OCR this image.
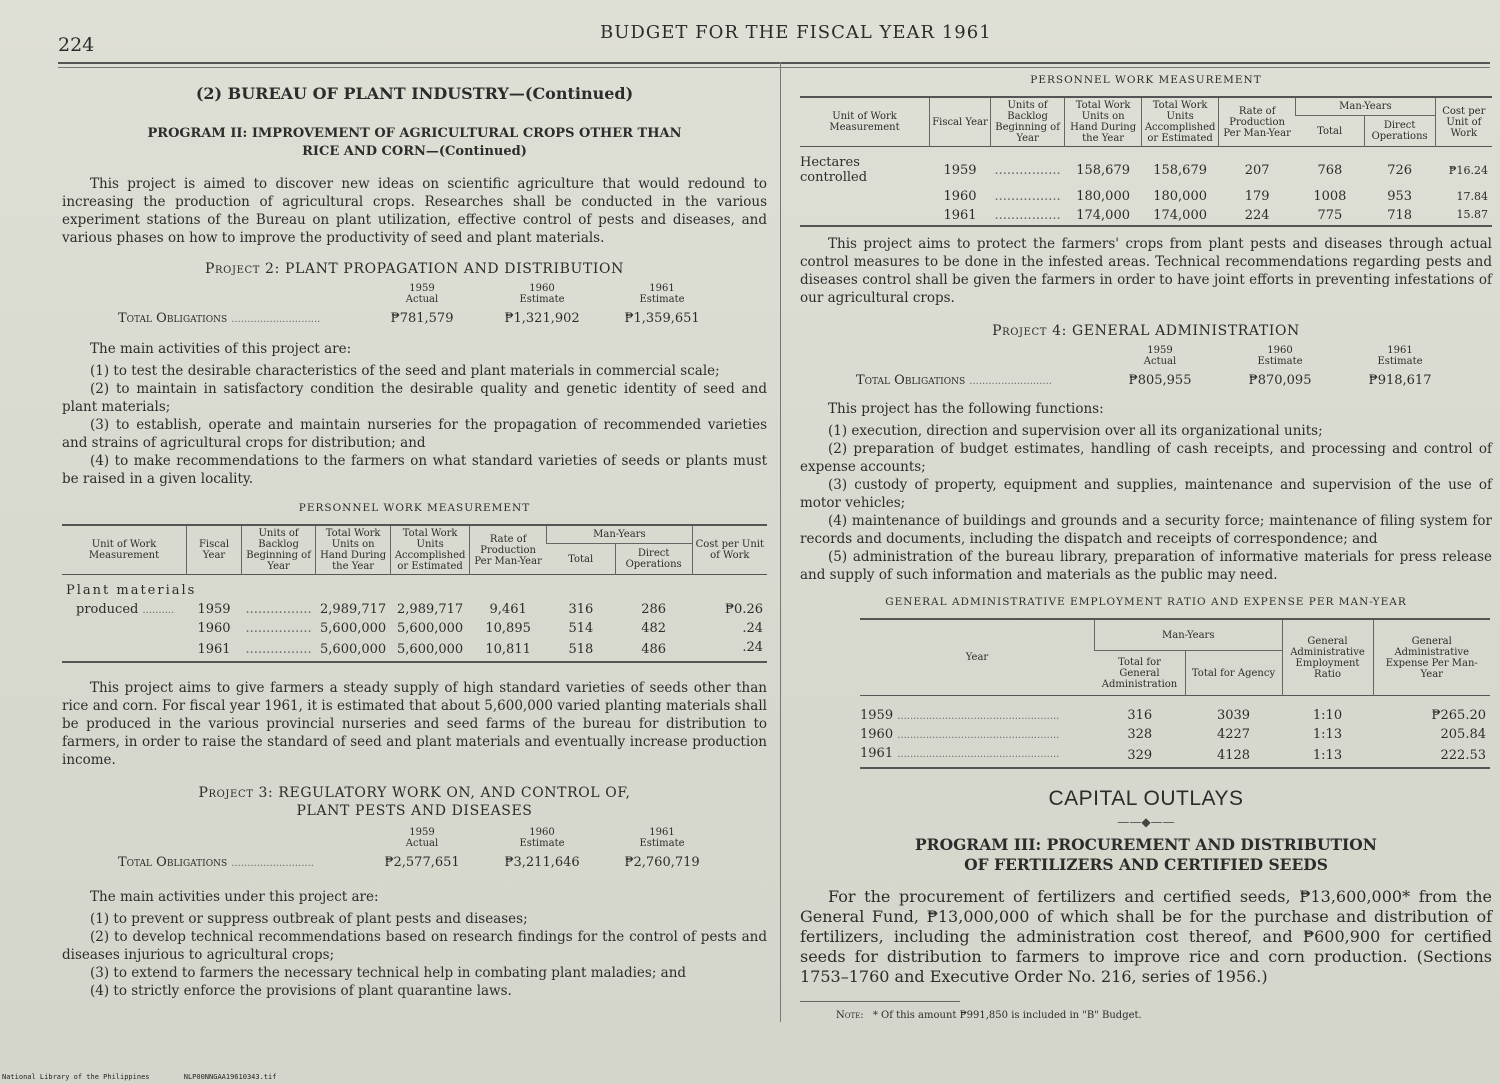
224
BUDGET FOR THE FISCAL YEAR 1961
(2) BUREAU OF PLANT INDUSTRY—(Continued)
PROGRAM II: IMPROVEMENT OF AGRICULTURAL CROPS OTHER THAN
RICE AND CORN—(Continued)

This project is aimed to discover new ideas on scientific agriculture that would redound to increasing the production of agricultural crops. Researches shall be conducted in the various experiment stations of the Bureau on plant utilization, effective control of pests and diseases, and various phases on how to improve the productivity of seed and plant materials.

Project 2: PLANT PROPAGATION AND DISTRIBUTION
1959
Actual
1960
Estimate
1961
Estimate
Total Obligations ............................	₱781,579	₱1,321,902	₱1,359,651

The main activities of this project are:

(1) to test the desirable characteristics of the seed and plant materials in commercial scale;

(2) to maintain in satisfactory condition the desirable quality and genetic identity of seed and plant materials;

(3) to establish, operate and maintain nurseries for the propagation of recommended varieties and strains of agricultural crops for distribution; and

(4) to make recommendations to the farmers on what standard varieties of seeds or plants must be raised in a given locality.

PERSONNEL WORK MEASUREMENT
Unit of Work Measurement	Fiscal Year	Units of Backlog Beginning of Year	Total Work Units on Hand During the Year	Total Work Units Accomplished or Estimated	Rate of Production Per Man-Year	Man-Years		Cost per Unit of Work
						Total	Direct Operations	
Plant materials								
produced ..........	1959	................	2,989,717	2,989,717	9,461	316	286	₱0.26
	1960	................	5,600,000	5,600,000	10,895	514	482	.24
	1961	................	5,600,000	5,600,000	10,811	518	486	.24

This project aims to give farmers a steady supply of high standard varieties of seeds other than rice and corn. For fiscal year 1961, it is estimated that about 5,600,000 varied planting materials shall be produced in the various provincial nurseries and seed farms of the bureau for distribution to farmers, in order to raise the standard of seed and plant materials and eventually increase production income.

Project 3: REGULATORY WORK ON, AND CONTROL OF,
PLANT PESTS AND DISEASES
1959
Actual
1960
Estimate
1961
Estimate
Total Obligations ..........................	₱2,577,651	₱3,211,646	₱2,760,719

The main activities under this project are:

(1) to prevent or suppress outbreak of plant pests and diseases;

(2) to develop technical recommendations based on research findings for the control of pests and diseases injurious to agricultural crops;

(3) to extend to farmers the necessary technical help in combating plant maladies; and

(4) to strictly enforce the provisions of plant quarantine laws.

PERSONNEL WORK MEASUREMENT
Unit of Work Measurement	Fiscal Year	Units of Backlog Beginning of Year	Total Work Units on Hand During the Year	Total Work Units Accomplished or Estimated	Rate of Production Per Man-Year	Man-Years		Cost per Unit of Work
						Total	Direct Operations	
Hectares controlled	1959	................	158,679	158,679	207	768	726	₱16.24
	1960	................	180,000	180,000	179	1008	953	17.84
	1961	................	174,000	174,000	224	775	718	15.87

This project aims to protect the farmers' crops from plant pests and diseases through actual control measures to be done in the infested areas. Technical recommendations regarding pests and diseases control shall be given the farmers in order to have joint efforts in preventing infestations of our agricultural crops.

Project 4: GENERAL ADMINISTRATION
1959
Actual
1960
Estimate
1961
Estimate
Total Obligations ..........................	₱805,955	₱870,095	₱918,617

This project has the following functions:

(1) execution, direction and supervision over all its organizational units;

(2) preparation of budget estimates, handling of cash receipts, and processing and control of expense accounts;

(3) custody of property, equipment and supplies, maintenance and supervision of the use of motor vehicles;

(4) maintenance of buildings and grounds and a security force; maintenance of filing system for records and documents, including the dispatch and receipts of correspondence; and

(5) administration of the bureau library, preparation of informative materials for press release and supply of such information and materials as the public may need.

GENERAL ADMINISTRATIVE EMPLOYMENT RATIO AND EXPENSE PER MAN-YEAR
Year	Man-Years		General Administrative Employment Ratio	General Administrative Expense Per Man-Year
	Total for General Administration	Total for Agency		
1959 ...................................................	316	3039	1:10	₱265.20
1960 ...................................................	328	4227	1:13	205.84
1961 ...................................................	329	4128	1:13	222.53
CAPITAL OUTLAYS
——◆——
PROGRAM III: PROCUREMENT AND DISTRIBUTION
OF FERTILIZERS AND CERTIFIED SEEDS

For the procurement of fertilizers and certified seeds, ₱13,600,000* from the General Fund, ₱13,000,000 of which shall be for the purchase and distribution of fertilizers, including the administration cost thereof, and ₱600,900 for certified seeds for distribution to farmers to improve rice and corn production. (Sections 1753–1760 and Executive Order No. 216, series of 1956.)

Note: * Of this amount ₱991,850 is included in "B" Budget.
National Library of the Philippines	NLP00NNGAA19610343.tif
